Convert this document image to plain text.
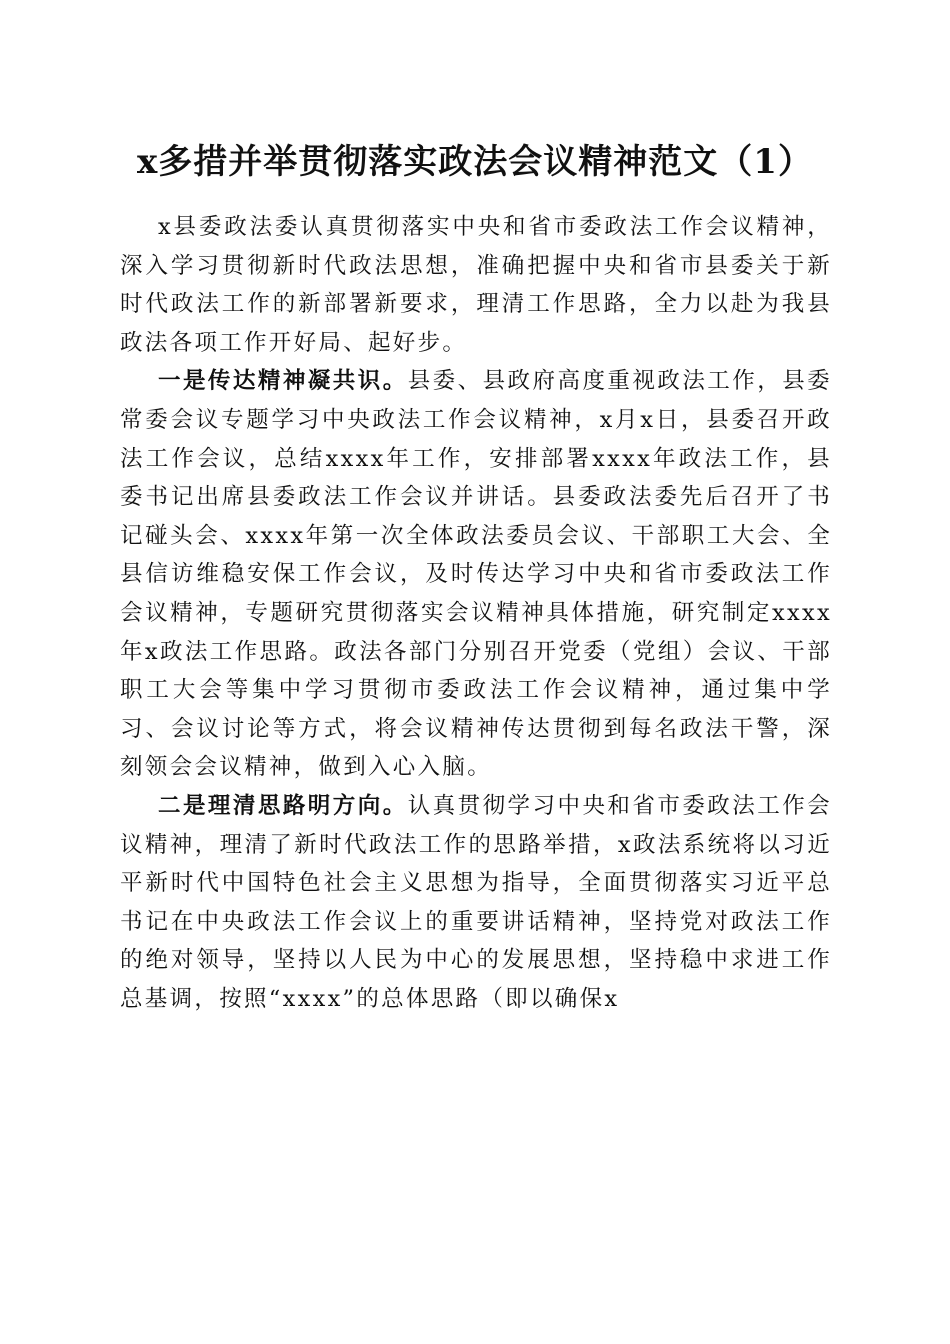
x多措并举贯彻落实政法会议精神范文（1）

x县委政法委认真贯彻落实中央和省市委政法工作会议精神，深入学习贯彻新时代政法思想，准确把握中央和省市县委关于新时代政法工作的新部署新要求，理清工作思路，全力以赴为我县政法各项工作开好局、起好步。

一是传达精神凝共识。县委、县政府高度重视政法工作，县委常委会议专题学习中央政法工作会议精神，x月x日，县委召开政法工作会议，总结xxxx年工作，安排部署xxxx年政法工作，县委书记出席县委政法工作会议并讲话。县委政法委先后召开了书记碰头会、xxxx年第一次全体政法委员会议、干部职工大会、全县信访维稳安保工作会议，及时传达学习中央和省市委政法工作会议精神，专题研究贯彻落实会议精神具体措施，研究制定xxxx年x政法工作思路。政法各部门分别召开党委（党组）会议、干部职工大会等集中学习贯彻市委政法工作会议精神，通过集中学习、会议讨论等方式，将会议精神传达贯彻到每名政法干警，深刻领会会议精神，做到入心入脑。

二是理清思路明方向。认真贯彻学习中央和省市委政法工作会议精神，理清了新时代政法工作的思路举措，x政法系统将以习近平新时代中国特色社会主义思想为指导，全面贯彻落实习近平总书记在中央政法工作会议上的重要讲话精神，坚持党对政法工作的绝对领导，坚持以人民为中心的发展思想，坚持稳中求进工作总基调，按照“xxxx”的总体思路（即以确保x
